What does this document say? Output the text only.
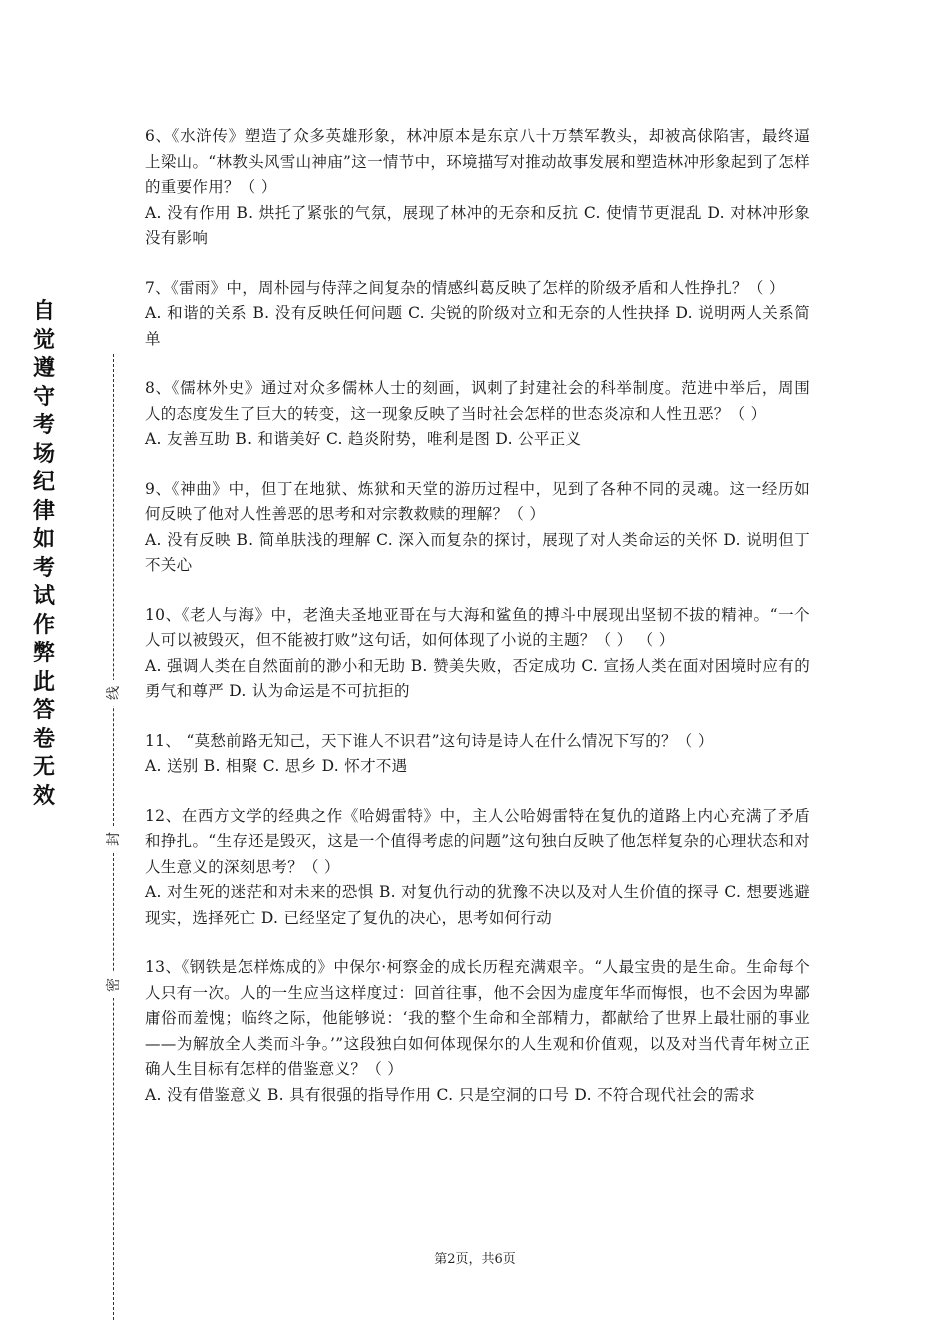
自觉遵守考场纪律如考试作弊此答卷无效
线
封
密

6、《水浒传》塑造了众多英雄形象，林冲原本是东京八十万禁军教头，却被高俅陷害，最终逼上梁山。“林教头风雪山神庙”这一情节中，环境描写对推动故事发展和塑造林冲形象起到了怎样的重要作用？（ ）

A. 没有作用 B. 烘托了紧张的气氛，展现了林冲的无奈和反抗 C. 使情节更混乱 D. 对林冲形象没有影响

7、《雷雨》中，周朴园与侍萍之间复杂的情感纠葛反映了怎样的阶级矛盾和人性挣扎？（ ）

A. 和谐的关系 B. 没有反映任何问题 C. 尖锐的阶级对立和无奈的人性抉择 D. 说明两人关系简单

8、《儒林外史》通过对众多儒林人士的刻画，讽刺了封建社会的科举制度。范进中举后，周围人的态度发生了巨大的转变，这一现象反映了当时社会怎样的世态炎凉和人性丑恶？（ ）

A. 友善互助 B. 和谐美好 C. 趋炎附势，唯利是图 D. 公平正义

9、《神曲》中，但丁在地狱、炼狱和天堂的游历过程中，见到了各种不同的灵魂。这一经历如何反映了他对人性善恶的思考和对宗教救赎的理解？（ ）

A. 没有反映 B. 简单肤浅的理解 C. 深入而复杂的探讨，展现了对人类命运的关怀 D. 说明但丁不关心

10、《老人与海》中，老渔夫圣地亚哥在与大海和鲨鱼的搏斗中展现出坚韧不拔的精神。“一个人可以被毁灭，但不能被打败”这句话，如何体现了小说的主题？（ ） （ ）

A. 强调人类在自然面前的渺小和无助 B. 赞美失败，否定成功 C. 宣扬人类在面对困境时应有的勇气和尊严 D. 认为命运是不可抗拒的

11、 “莫愁前路无知己，天下谁人不识君”这句诗是诗人在什么情况下写的？（ ）

A. 送别 B. 相聚 C. 思乡 D. 怀才不遇

12、在西方文学的经典之作《哈姆雷特》中，主人公哈姆雷特在复仇的道路上内心充满了矛盾和挣扎。“生存还是毁灭，这是一个值得考虑的问题”这句独白反映了他怎样复杂的心理状态和对人生意义的深刻思考？（ ）

A. 对生死的迷茫和对未来的恐惧 B. 对复仇行动的犹豫不决以及对人生价值的探寻 C. 想要逃避现实，选择死亡 D. 已经坚定了复仇的决心，思考如何行动

13、《钢铁是怎样炼成的》中保尔·柯察金的成长历程充满艰辛。“人最宝贵的是生命。生命每个人只有一次。人的一生应当这样度过：回首往事，他不会因为虚度年华而悔恨，也不会因为卑鄙庸俗而羞愧；临终之际，他能够说：‘我的整个生命和全部精力，都献给了世界上最壮丽的事业——为解放全人类而斗争。’”这段独白如何体现保尔的人生观和价值观，以及对当代青年树立正确人生目标有怎样的借鉴意义？（ ）

A. 没有借鉴意义 B. 具有很强的指导作用 C. 只是空洞的口号 D. 不符合现代社会的需求

第2页，共6页
